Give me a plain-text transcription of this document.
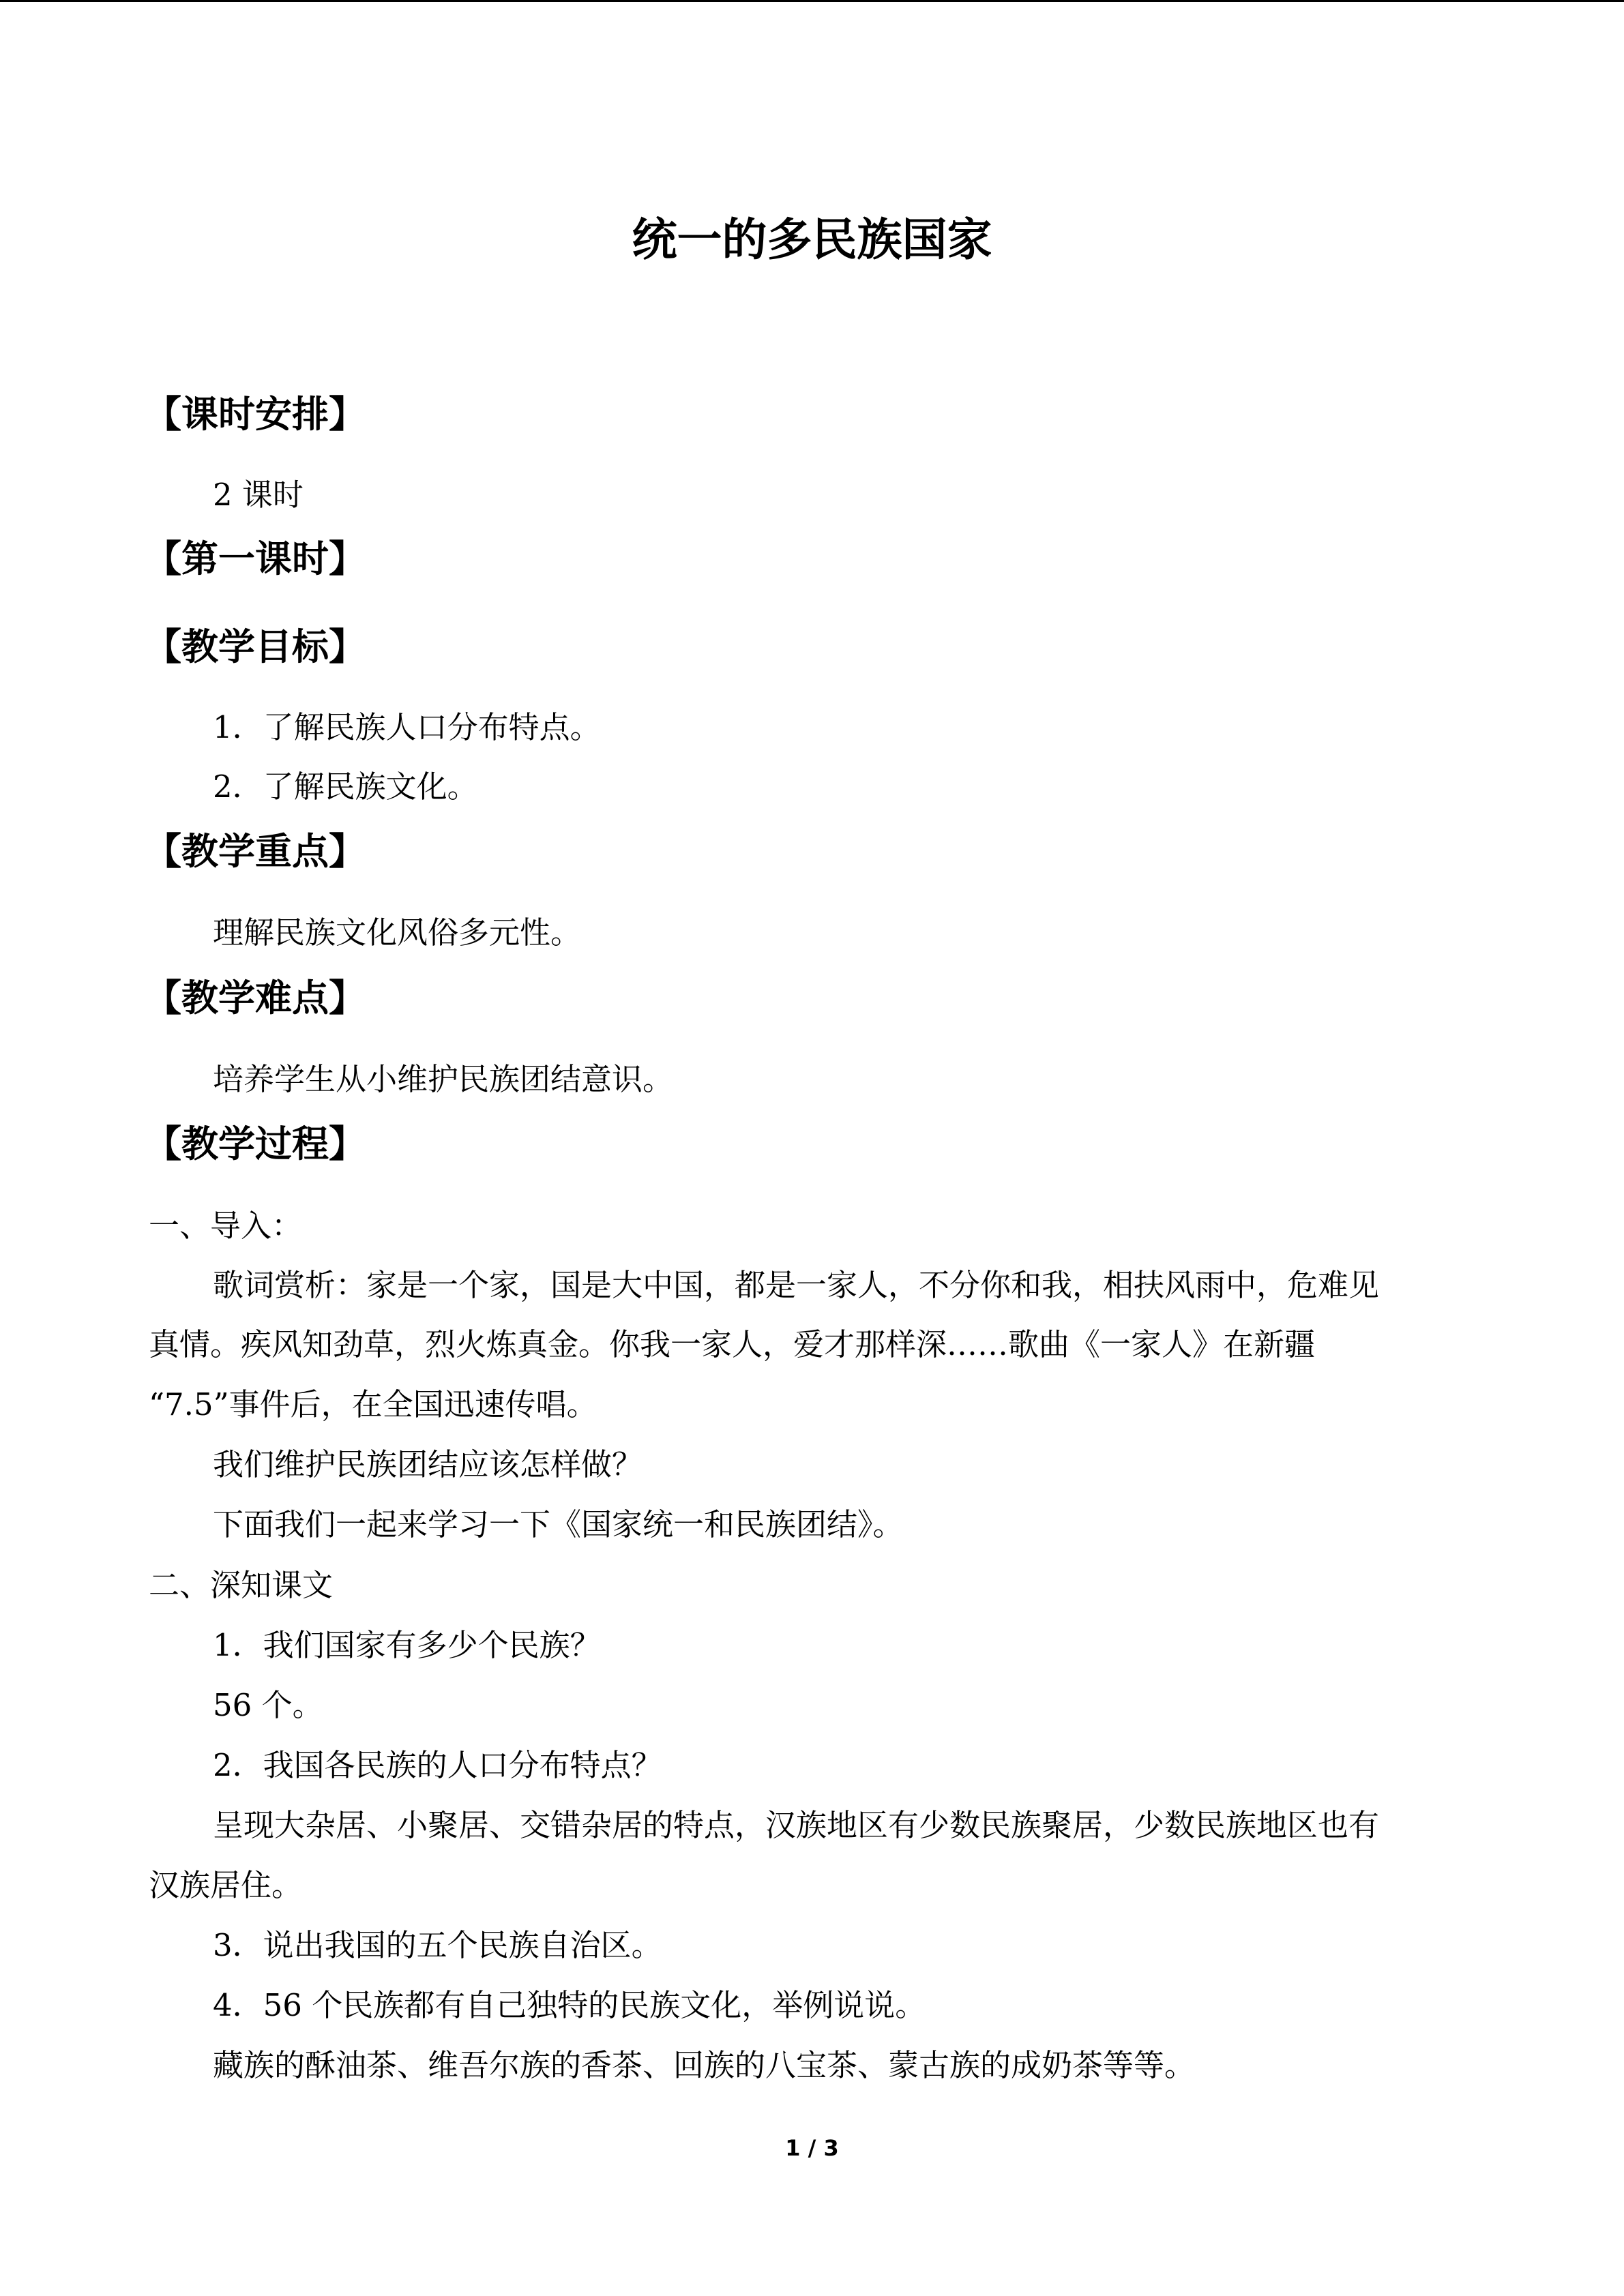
统一的多民族国家
【课时安排】
2 课时
【第一课时】
【教学目标】
1．了解民族人口分布特点。
2．了解民族文化。
【教学重点】
理解民族文化风俗多元性。
【教学难点】
培养学生从小维护民族团结意识。
【教学过程】
一、导入：
歌词赏析：家是一个家，国是大中国，都是一家人，不分你和我，相扶风雨中，危难见
真情。疾风知劲草，烈火炼真金。你我一家人，爱才那样深……歌曲《一家人》在新疆
“7.5”事件后，在全国迅速传唱。
我们维护民族团结应该怎样做？
下面我们一起来学习一下《国家统一和民族团结》。
二、深知课文
1．我们国家有多少个民族？
56 个。
2．我国各民族的人口分布特点？
呈现大杂居、小聚居、交错杂居的特点，汉族地区有少数民族聚居，少数民族地区也有
汉族居住。
3．说出我国的五个民族自治区。
4．56 个民族都有自己独特的民族文化，举例说说。
藏族的酥油茶、维吾尔族的香茶、回族的八宝茶、蒙古族的成奶茶等等。
1 / 3
